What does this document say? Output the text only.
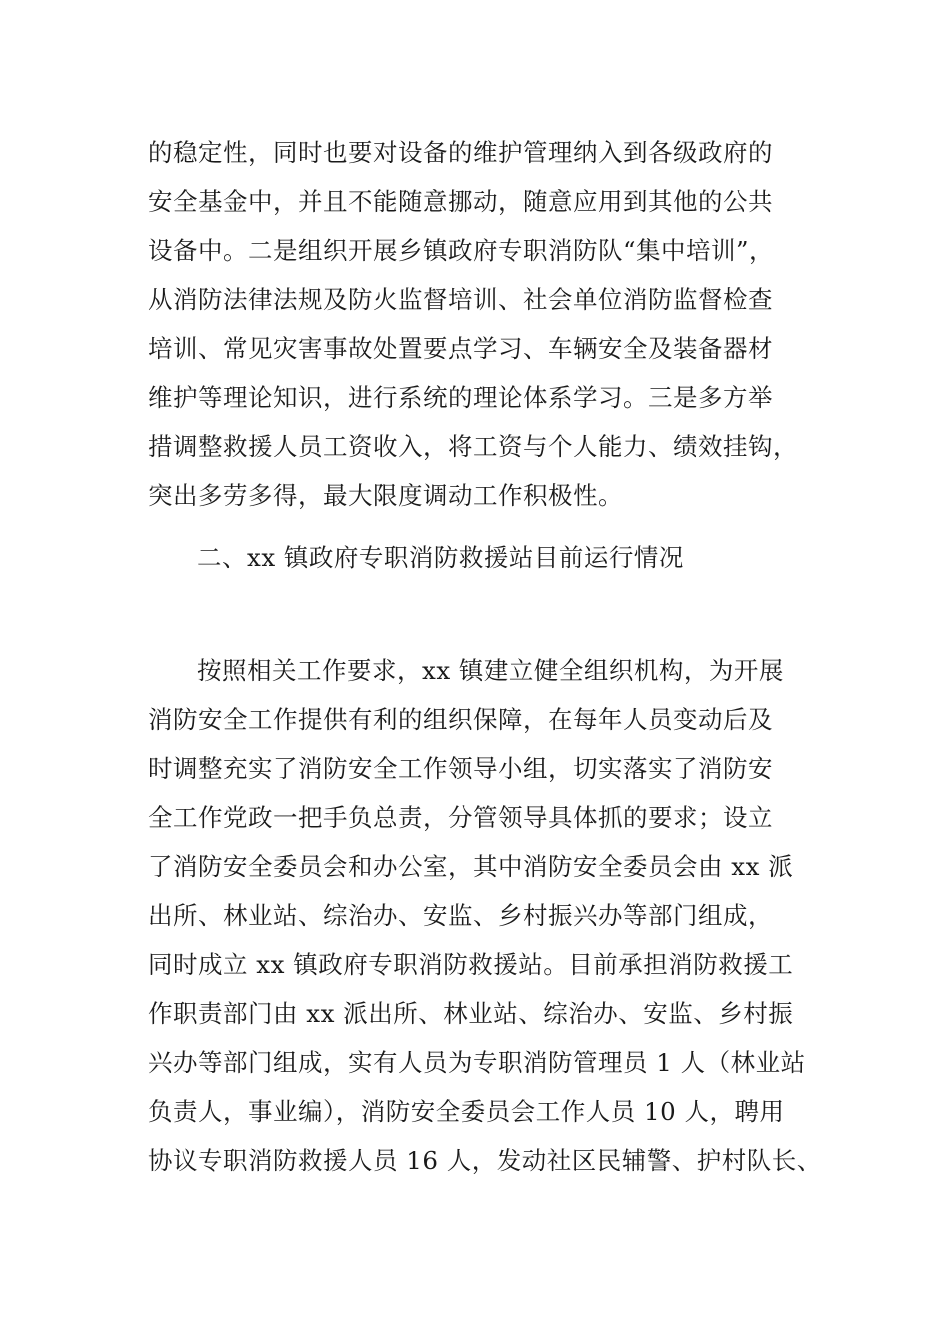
的稳定性，同时也要对设备的维护管理纳入到各级政府的
安全基金中，并且不能随意挪动，随意应用到其他的公共
设备中。二是组织开展乡镇政府专职消防队“集中培训”，
从消防法律法规及防火监督培训、社会单位消防监督检查
培训、常见灾害事故处置要点学习、车辆安全及装备器材
维护等理论知识，进行系统的理论体系学习。三是多方举
措调整救援人员工资收入，将工资与个人能力、绩效挂钩，
突出多劳多得，最大限度调动工作积极性。
二、xx 镇政府专职消防救援站目前运行情况
按照相关工作要求，xx 镇建立健全组织机构，为开展
消防安全工作提供有利的组织保障，在每年人员变动后及
时调整充实了消防安全工作领导小组，切实落实了消防安
全工作党政一把手负总责，分管领导具体抓的要求；设立
了消防安全委员会和办公室，其中消防安全委员会由 xx 派
出所、林业站、综治办、安监、乡村振兴办等部门组成，
同时成立 xx 镇政府专职消防救援站。目前承担消防救援工
作职责部门由 xx 派出所、林业站、综治办、安监、乡村振
兴办等部门组成，实有人员为专职消防管理员 1 人（林业站
负责人，事业编），消防安全委员会工作人员 10 人，聘用
协议专职消防救援人员 16 人，发动社区民辅警、护村队长、
